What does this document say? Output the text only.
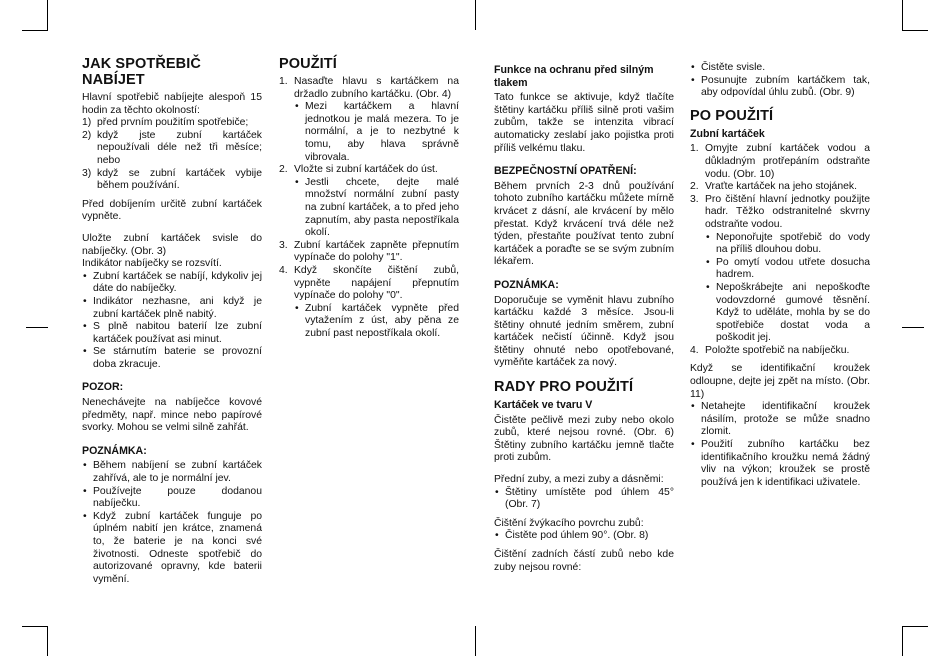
JAK SPOTŘEBIČ NABÍJET

Hlavní spotřebič nabíjejte alespoň 15 hodin za těchto okolností:

1) před prvním použitím spotřebiče;
2) když jste zubní kartáček nepoužívali déle než tři měsíce; nebo
3) když se zubní kartáček vybije během používání.

Před dobíjením určitě zubní kartáček vypněte.

Uložte zubní kartáček svisle do nabíječky. (Obr. 3)

Indikátor nabíječky se rozsvítí.

• Zubní kartáček se nabíjí, kdykoliv jej dáte do nabíječky.
• Indikátor nezhasne, ani když je zubní kartáček plně nabitý.
• S plně nabitou baterií lze zubní kartáček používat asi minut.
• Se stárnutím baterie se provozní doba zkracuje.
POZOR:

Nenechávejte na nabíječce kovové předměty, např. mince nebo papírové svorky. Mohou se velmi silně zahřát.

POZNÁMKA:
• Během nabíjení se zubní kartáček zahřívá, ale to je normální jev.
• Používejte pouze dodanou nabíječku.
• Když zubní kartáček funguje po úplném nabití jen krátce, znamená to, že baterie je na konci své životnosti. Odneste spotřebič do autorizované opravny, kde baterii vymění.
POUŽITÍ
1. Nasaďte hlavu s kartáčkem na držadlo zubního kartáčku. (Obr. 4)
• Mezi kartáčkem a hlavní jednotkou je malá mezera. To je normální, a je to nezbytné k tomu, aby hlava správně vibrovala.
2. Vložte si zubní kartáček do úst.
• Jestli chcete, dejte malé množství normální zubní pasty na zubní kartáček, a to před jeho zapnutím, aby pasta nepostříkala okolí.
3. Zubní kartáček zapněte přepnutím vypínače do polohy "1".
4. Když skončíte čištění zubů, vypněte napájení přepnutím vypínače do polohy "0".
• Zubní kartáček vypněte před vytažením z úst, aby pěna ze zubní past nepostříkala okolí.
Funkce na ochranu před silným tlakem

Tato funkce se aktivuje, když tlačíte štětiny kartáčku příliš silně proti vašim zubům, takže se intenzita vibrací automaticky zeslabí jako pojistka proti příliš velkému tlaku.

BEZPEČNOSTNÍ OPATŘENÍ:

Během prvních 2-3 dnů používání tohoto zubního kartáčku můžete mírně krvácet z dásní, ale krvácení by mělo přestat. Když krvácení trvá déle než týden, přestaňte používat tento zubní kartáček a poraďte se se svým zubním lékařem.

POZNÁMKA:

Doporučuje se vyměnit hlavu zubního kartáčku každé 3 měsíce. Jsou-li štětiny ohnuté jedním směrem, zubní kartáček nečistí účinně. Když jsou štětiny ohnuté nebo opotřebované, vyměňte kartáček za nový.

RADY PRO POUŽITÍ
Kartáček ve tvaru V

Čistěte pečlivě mezi zuby nebo okolo zubů, které nejsou rovné. (Obr. 6) Štětiny zubního kartáčku jemně tlačte proti zubům.

Přední zuby, a mezi zuby a dásněmi:

• Štětiny umístěte pod úhlem 45° (Obr. 7)

Čištění žvýkacího povrchu zubů:

• Čistěte pod úhlem 90°. (Obr. 8)

Čištění zadních částí zubů nebo kde zuby nejsou rovné:

• Čistěte svisle.
• Posunujte zubním kartáčkem tak, aby odpovídal úhlu zubů. (Obr. 9)
PO POUŽITÍ
Zubní kartáček
1. Omyjte zubní kartáček vodou a důkladným protřepáním odstraňte vodu. (Obr. 10)
2. Vraťte kartáček na jeho stojánek.
3. Pro čištění hlavní jednotky použijte hadr. Těžko odstranitelné skvrny odstraňte vodou.
• Neponořujte spotřebič do vody na příliš dlouhou dobu.
• Po omytí vodou utřete dosucha hadrem.
• Nepoškrábejte ani nepoškoďte vodovzdorné gumové těsnění. Když to uděláte, mohla by se do spotřebiče dostat voda a poškodit jej.
4. Položte spotřebič na nabíječku.

Když se identifikační kroužek odloupne, dejte jej zpět na místo. (Obr. 11)

• Netahejte identifikační kroužek násilím, protože se může snadno zlomit.
• Použití zubního kartáčku bez identifikačního kroužku nemá žádný vliv na výkon; kroužek se prostě používá jen k identifikaci uživatele.
